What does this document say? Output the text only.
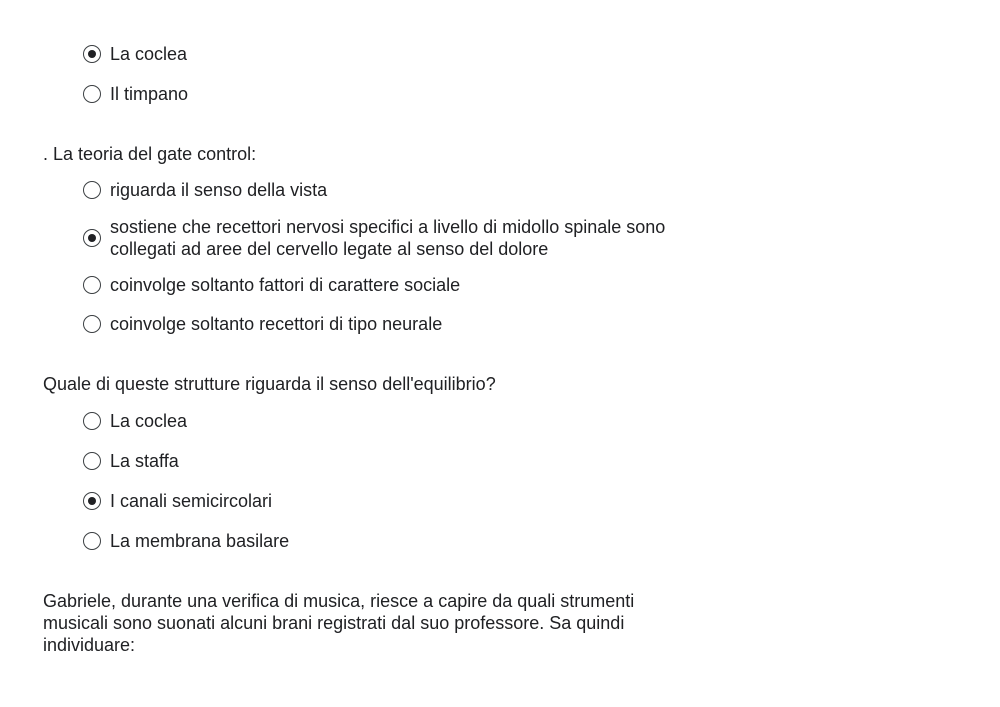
La coclea
Il timpano
. La teoria del gate control:
riguarda il senso della vista
sostiene che recettori nervosi specifici a livello di midollo spinale sono
collegati ad aree del cervello legate al senso del dolore
coinvolge soltanto fattori di carattere sociale
coinvolge soltanto recettori di tipo neurale
Quale di queste strutture riguarda il senso dell'equilibrio?
La coclea
La staffa
I canali semicircolari
La membrana basilare
Gabriele, durante una verifica di musica, riesce a capire da quali strumenti
musicali sono suonati alcuni brani registrati dal suo professore. Sa quindi
individuare:
